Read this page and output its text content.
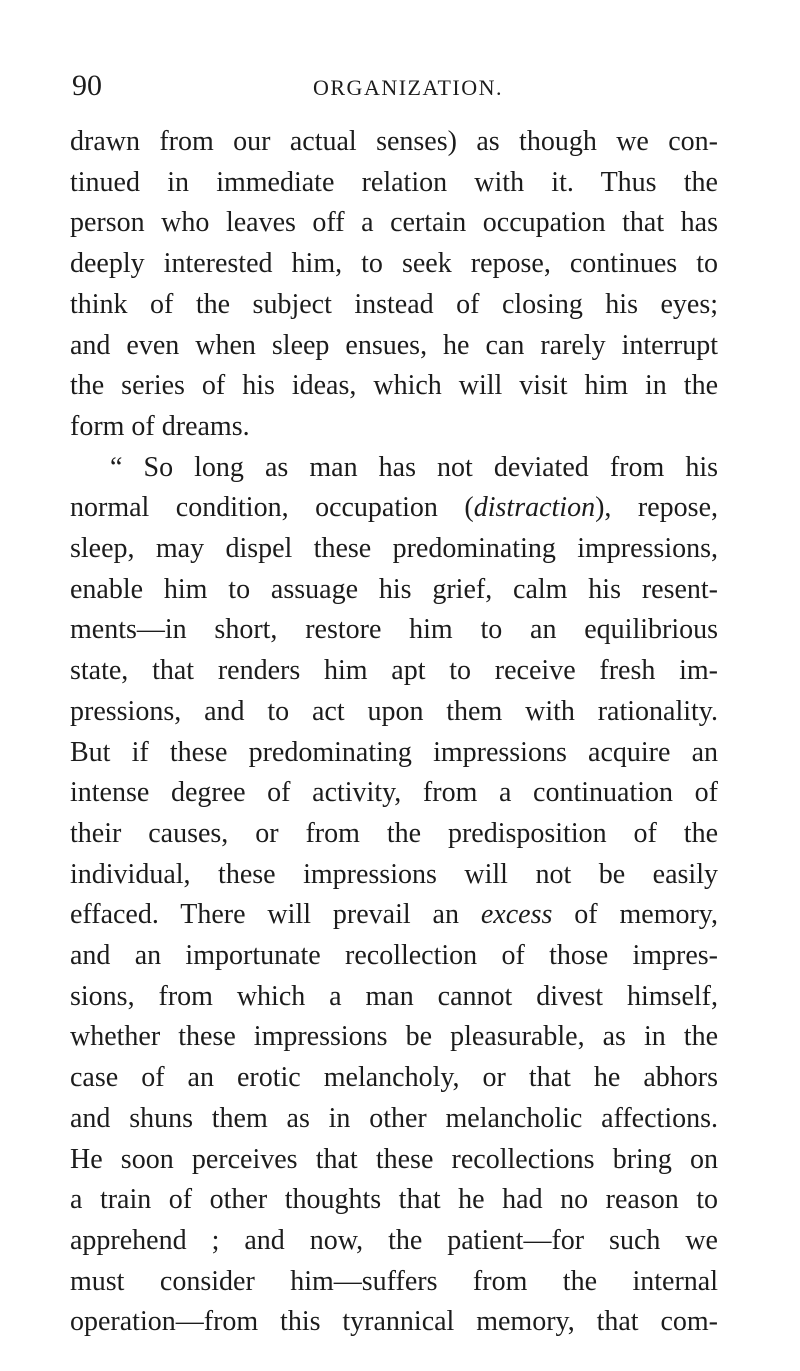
90	ORGANIZATION.
drawn from our actual senses) as though we con-
tinued in immediate relation with it. Thus the
person who leaves off a certain occupation that has
deeply interested him, to seek repose, continues to
think of the subject instead of closing his eyes;
and even when sleep ensues, he can rarely interrupt
the series of his ideas, which will visit him in the
form of dreams.
“ So long as man has not deviated from his
normal condition, occupation (distraction), repose,
sleep, may dispel these predominating impressions,
enable him to assuage his grief, calm his resent-
ments—in short, restore him to an equilibrious
state, that renders him apt to receive fresh im-
pressions, and to act upon them with rationality.
But if these predominating impressions acquire an
intense degree of activity, from a continuation of
their causes, or from the predisposition of the
individual, these impressions will not be easily
effaced. There will prevail an excess of memory,
and an importunate recollection of those impres-
sions, from which a man cannot divest himself,
whether these impressions be pleasurable, as in the
case of an erotic melancholy, or that he abhors
and shuns them as in other melancholic affections.
He soon perceives that these recollections bring on
a train of other thoughts that he had no reason to
apprehend ; and now, the patient—for such we
must consider him—suffers from the internal
operation—from this tyrannical memory, that com-
